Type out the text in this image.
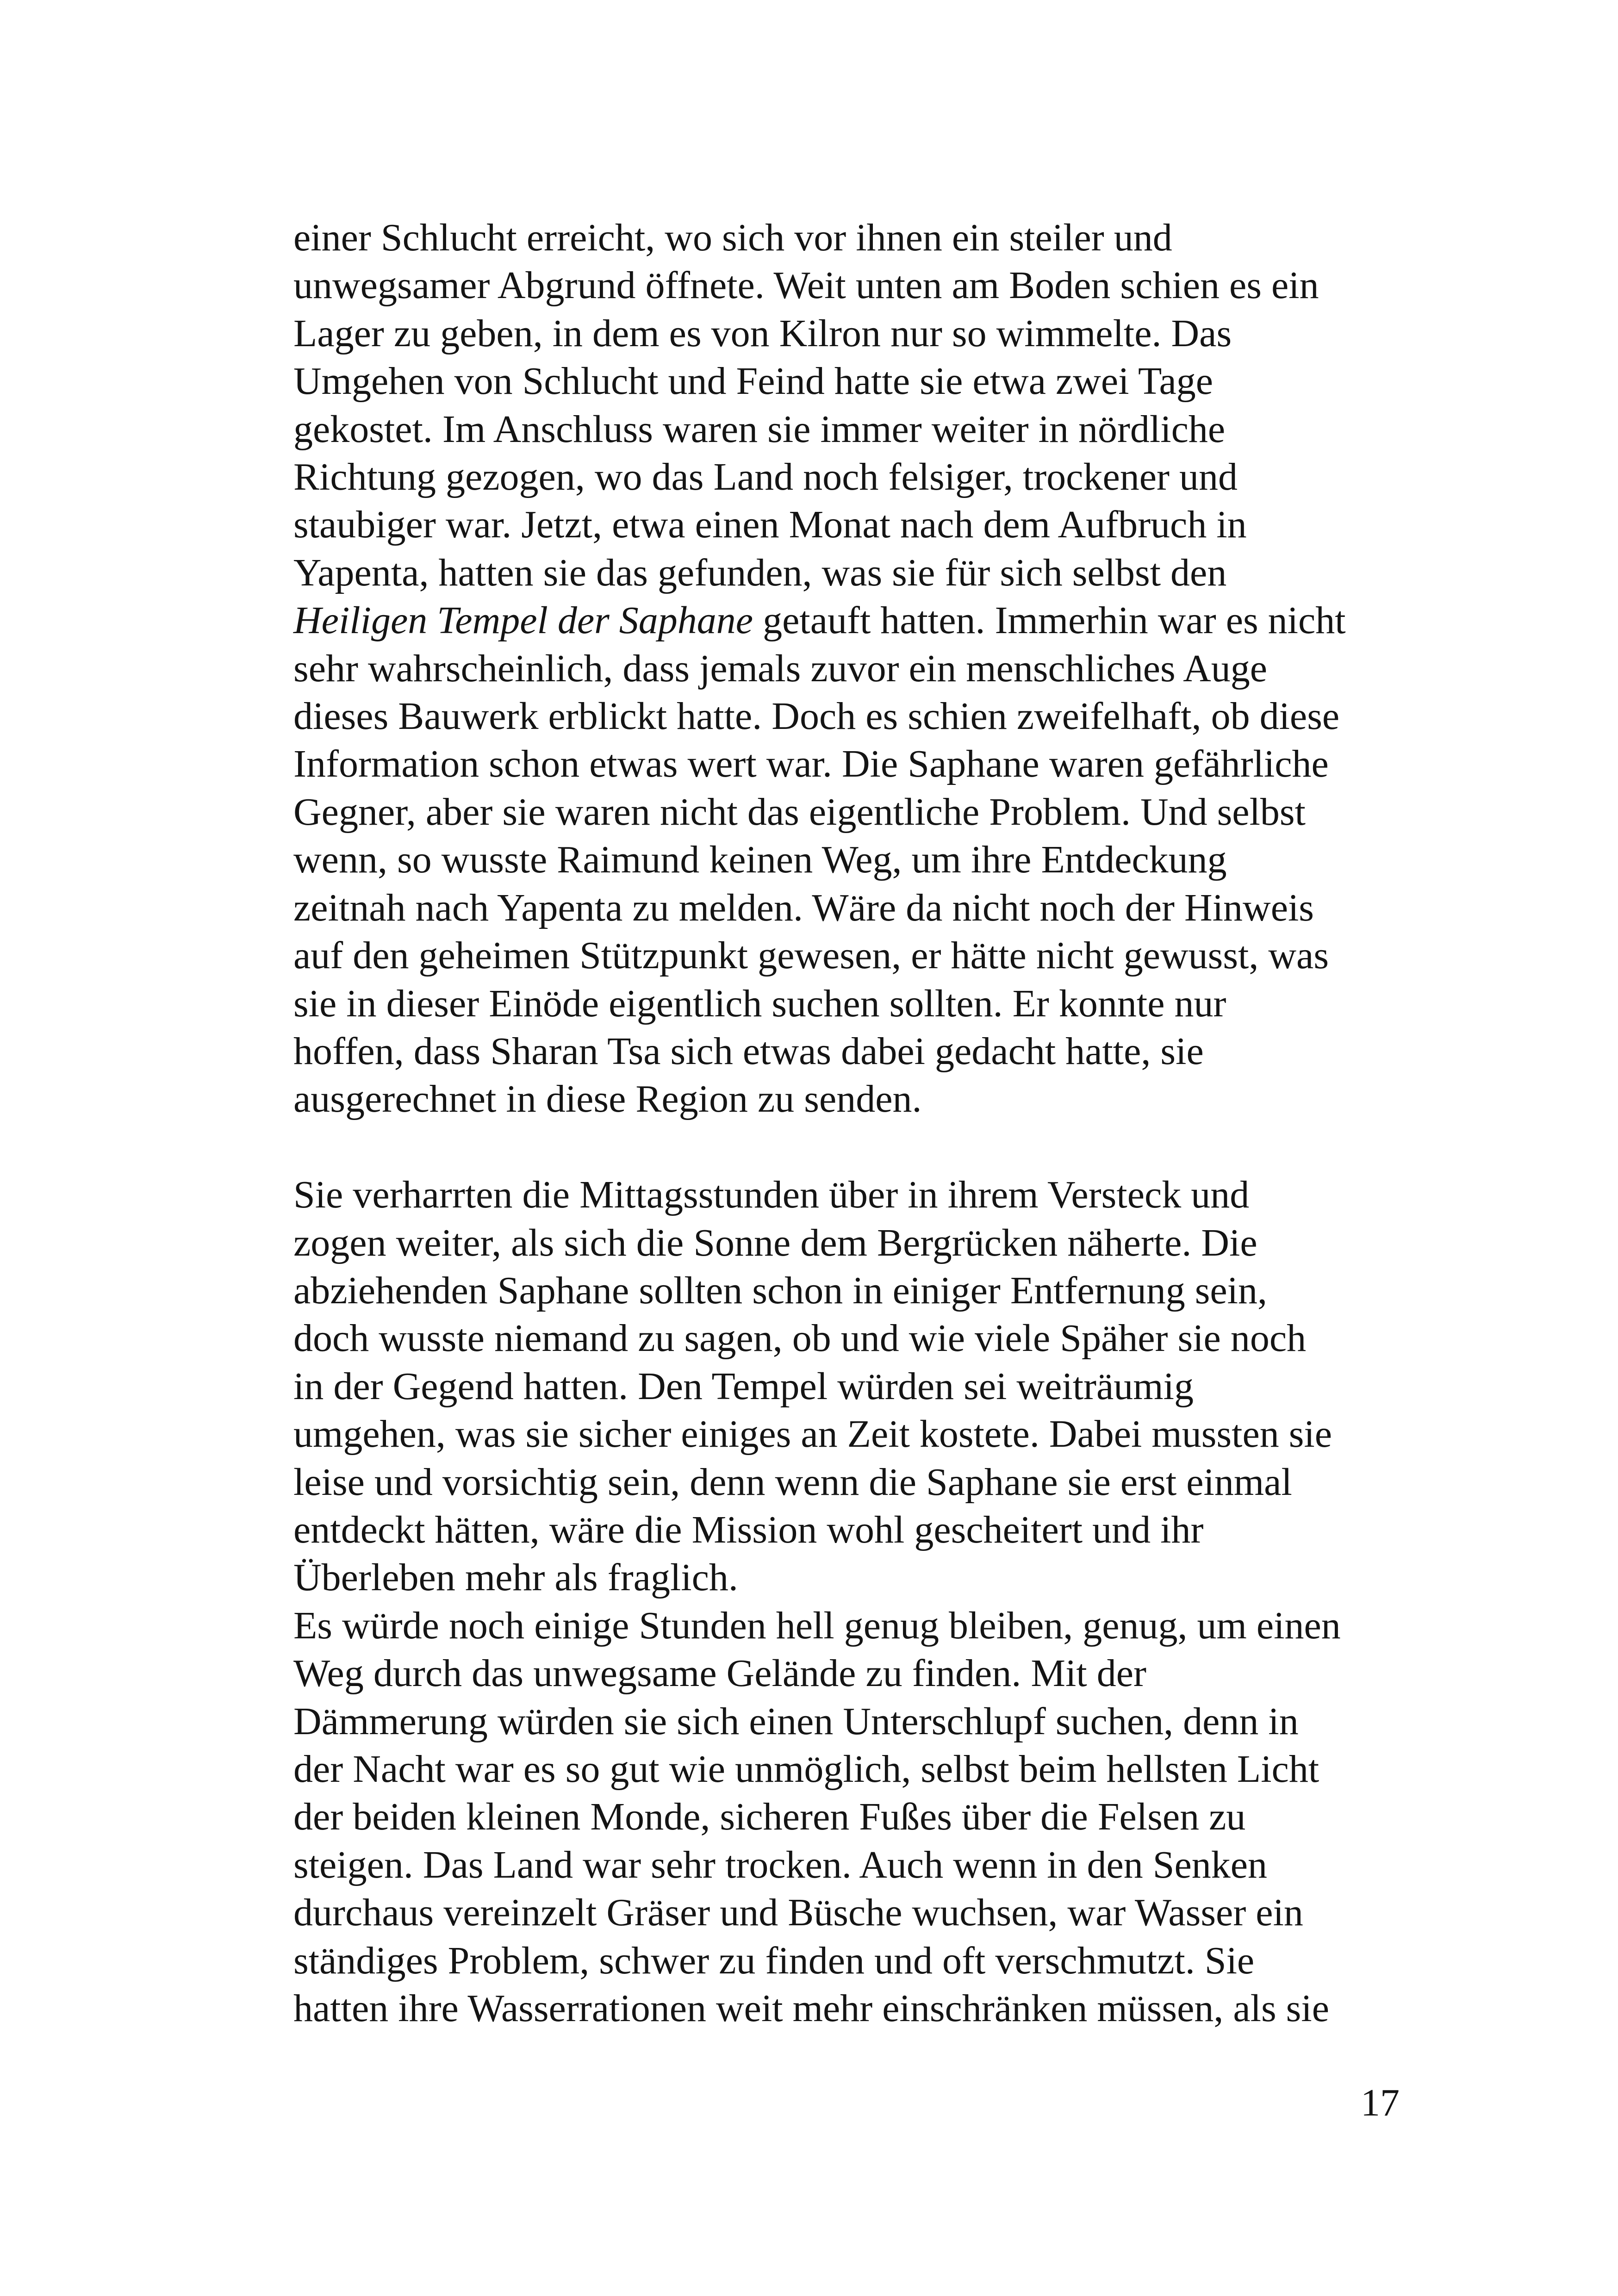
einer Schlucht erreicht, wo sich vor ihnen ein steiler und
unwegsamer Abgrund öffnete. Weit unten am Boden schien es ein
Lager zu geben, in dem es von Kilron nur so wimmelte. Das
Umgehen von Schlucht und Feind hatte sie etwa zwei Tage
gekostet. Im Anschluss waren sie immer weiter in nördliche
Richtung gezogen, wo das Land noch felsiger, trockener und
staubiger war. Jetzt, etwa einen Monat nach dem Aufbruch in
Yapenta, hatten sie das gefunden, was sie für sich selbst den
Heiligen Tempel der Saphane getauft hatten. Immerhin war es nicht
sehr wahrscheinlich, dass jemals zuvor ein menschliches Auge
dieses Bauwerk erblickt hatte. Doch es schien zweifelhaft, ob diese
Information schon etwas wert war. Die Saphane waren gefährliche
Gegner, aber sie waren nicht das eigentliche Problem. Und selbst
wenn, so wusste Raimund keinen Weg, um ihre Entdeckung
zeitnah nach Yapenta zu melden. Wäre da nicht noch der Hinweis
auf den geheimen Stützpunkt gewesen, er hätte nicht gewusst, was
sie in dieser Einöde eigentlich suchen sollten. Er konnte nur
hoffen, dass Sharan Tsa sich etwas dabei gedacht hatte, sie
ausgerechnet in diese Region zu senden.

Sie verharrten die Mittagsstunden über in ihrem Versteck und
zogen weiter, als sich die Sonne dem Bergrücken näherte. Die
abziehenden Saphane sollten schon in einiger Entfernung sein,
doch wusste niemand zu sagen, ob und wie viele Späher sie noch
in der Gegend hatten. Den Tempel würden sei weiträumig
umgehen, was sie sicher einiges an Zeit kostete. Dabei mussten sie
leise und vorsichtig sein, denn wenn die Saphane sie erst einmal
entdeckt hätten, wäre die Mission wohl gescheitert und ihr
Überleben mehr als fraglich.

Es würde noch einige Stunden hell genug bleiben, genug, um einen
Weg durch das unwegsame Gelände zu finden. Mit der
Dämmerung würden sie sich einen Unterschlupf suchen, denn in
der Nacht war es so gut wie unmöglich, selbst beim hellsten Licht
der beiden kleinen Monde, sicheren Fußes über die Felsen zu
steigen. Das Land war sehr trocken. Auch wenn in den Senken
durchaus vereinzelt Gräser und Büsche wuchsen, war Wasser ein
ständiges Problem, schwer zu finden und oft verschmutzt. Sie
hatten ihre Wasserrationen weit mehr einschränken müssen, als sie

17
